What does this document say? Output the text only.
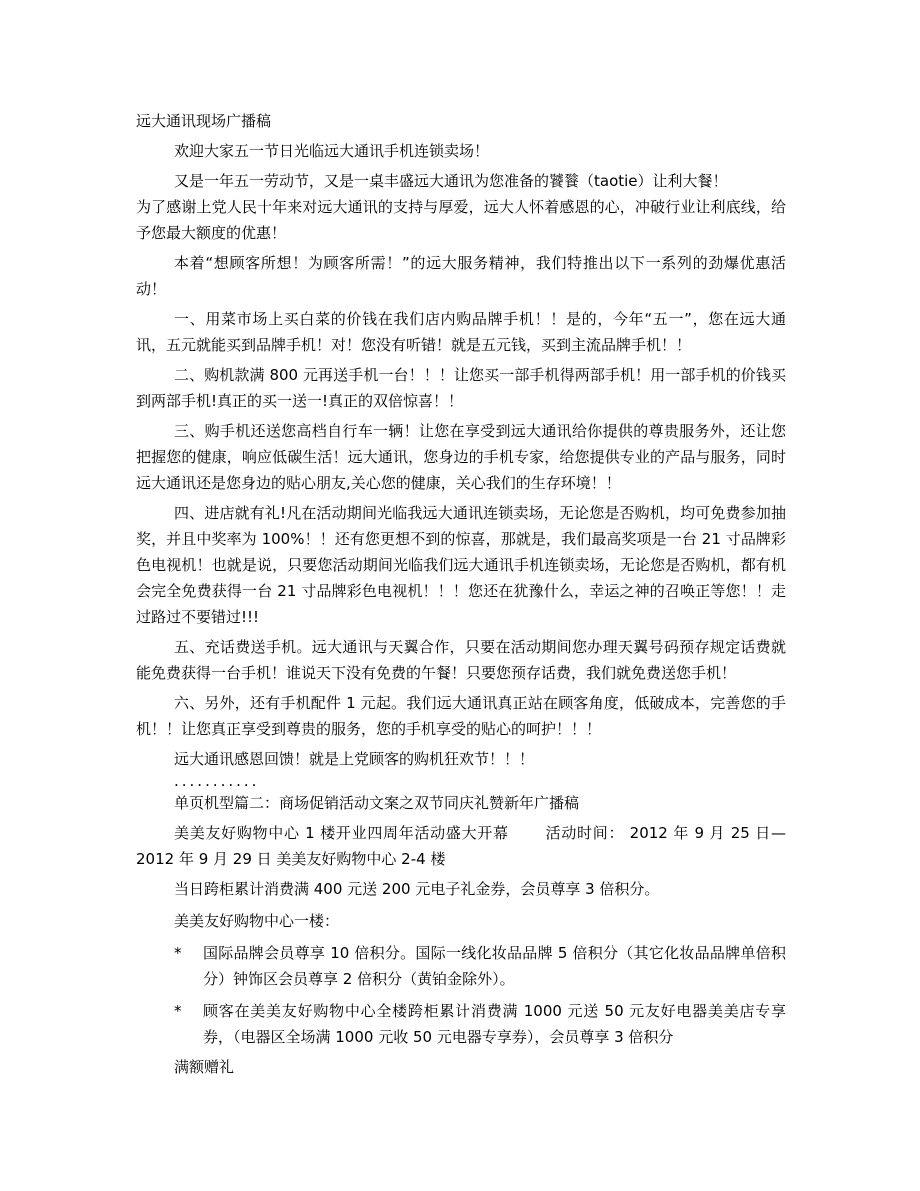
远大通讯现场广播稿

欢迎大家五一节日光临远大通讯手机连锁卖场！

又是一年五一劳动节，又是一桌丰盛远大通讯为您准备的饕餮（taotie）让利大餐！

为了感谢上党人民十年来对远大通讯的支持与厚爱，远大人怀着感恩的心，冲破行业让利底线，给予您最大额度的优惠！

本着“想顾客所想！为顾客所需！”的远大服务精神，我们特推出以下一系列的劲爆优惠活动！

一、用菜市场上买白菜的价钱在我们店内购品牌手机！！是的，今年“五一”，您在远大通讯，五元就能买到品牌手机！对！您没有听错！就是五元钱，买到主流品牌手机！！

二、购机款满 800 元再送手机一台！！！让您买一部手机得两部手机！用一部手机的价钱买到两部手机!真正的买一送一!真正的双倍惊喜！！

三、购手机还送您高档自行车一辆！让您在享受到远大通讯给你提供的尊贵服务外，还让您把握您的健康，响应低碳生活！远大通讯，您身边的手机专家，给您提供专业的产品与服务，同时远大通讯还是您身边的贴心朋友,关心您的健康，关心我们的生存环境！！

四、进店就有礼!凡在活动期间光临我远大通讯连锁卖场，无论您是否购机，均可免费参加抽奖，并且中奖率为 100%！！还有您更想不到的惊喜，那就是，我们最高奖项是一台 21 寸品牌彩色电视机！也就是说，只要您活动期间光临我们远大通讯手机连锁卖场，无论您是否购机，都有机会完全免费获得一台 21 寸品牌彩色电视机！！！您还在犹豫什么，幸运之神的召唤正等您！！走过路过不要错过!!!

五、充话费送手机。远大通讯与天翼合作，只要在活动期间您办理天翼号码预存规定话费就能免费获得一台手机！谁说天下没有免费的午餐！只要您预存话费，我们就免费送您手机！

六、另外，还有手机配件 1 元起。我们远大通讯真正站在顾客角度，低破成本，完善您的手机！！让您真正享受到尊贵的服务，您的手机享受的贴心的呵护！！！

远大通讯感恩回馈！就是上党顾客的购机狂欢节！！！

...........

单页机型篇二：商场促销活动文案之双节同庆礼赞新年广播稿

美美友好购物中心 1 楼开业四周年活动盛大开幕　　 活动时间： 2012 年 9 月 25 日—2012 年 9 月 29 日 美美友好购物中心 2-4 楼

当日跨柜累计消费满 400 元送 200 元电子礼金券，会员尊享 3 倍积分。

美美友好购物中心一楼：

*	国际品牌会员尊享 10 倍积分。国际一线化妆品品牌 5 倍积分（其它化妆品品牌单倍积分）钟饰区会员尊享 2 倍积分（黄铂金除外）。
*	顾客在美美友好购物中心全楼跨柜累计消费满 1000 元送 50 元友好电器美美店专享券，（电器区全场满 1000 元收 50 元电器专享券），会员尊享 3 倍积分

满额赠礼
